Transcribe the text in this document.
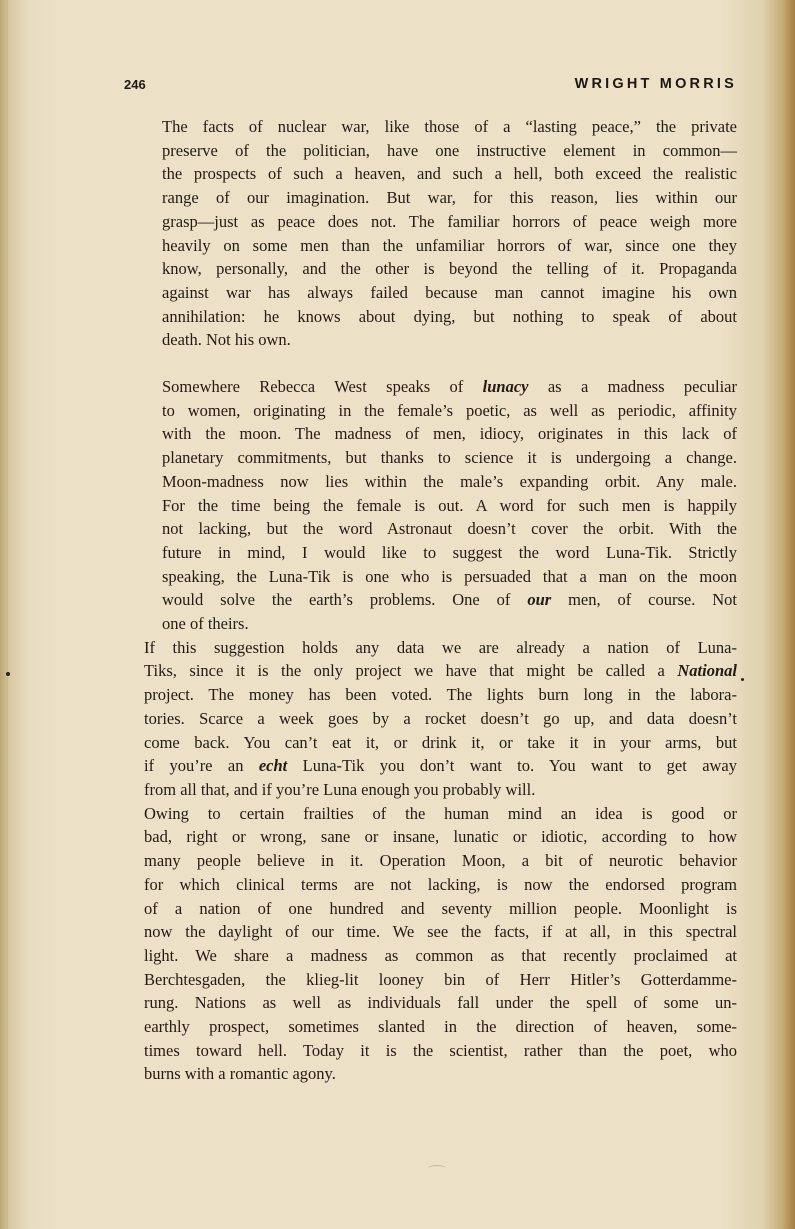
246	WRIGHT MORRIS

The facts of nuclear war, like those of a “lasting peace,” the private
preserve of the politician, have one instructive element in common—
the prospects of such a heaven, and such a hell, both exceed the realistic
range of our imagination. But war, for this reason, lies within our
grasp—just as peace does not. The familiar horrors of peace weigh more
heavily on some men than the unfamiliar horrors of war, since one they
know, personally, and the other is beyond the telling of it. Propaganda
against war has always failed because man cannot imagine his own
annihilation: he knows about dying, but nothing to speak of about
death. Not his own.

Somewhere Rebecca West speaks of lunacy as a madness peculiar
to women, originating in the female’s poetic, as well as periodic, affinity
with the moon. The madness of men, idiocy, originates in this lack of
planetary commitments, but thanks to science it is undergoing a change.
Moon-madness now lies within the male’s expanding orbit. Any male.
For the time being the female is out. A word for such men is happily
not lacking, but the word Astronaut doesn’t cover the orbit. With the
future in mind, I would like to suggest the word Luna-Tik. Strictly
speaking, the Luna-Tik is one who is persuaded that a man on the moon
would solve the earth’s problems. One of our men, of course. Not
one of theirs.

If this suggestion holds any data we are already a nation of Luna-
Tiks, since it is the only project we have that might be called a National
project. The money has been voted. The lights burn long in the labora-
tories. Scarce a week goes by a rocket doesn’t go up, and data doesn’t
come back. You can’t eat it, or drink it, or take it in your arms, but
if you’re an echt Luna-Tik you don’t want to. You want to get away
from all that, and if you’re Luna enough you probably will.

Owing to certain frailties of the human mind an idea is good or
bad, right or wrong, sane or insane, lunatic or idiotic, according to how
many people believe in it. Operation Moon, a bit of neurotic behavior
for which clinical terms are not lacking, is now the endorsed program
of a nation of one hundred and seventy million people. Moonlight is
now the daylight of our time. We see the facts, if at all, in this spectral
light. We share a madness as common as that recently proclaimed at
Berchtesgaden, the klieg-lit looney bin of Herr Hitler’s Gotterdamme-
rung. Nations as well as individuals fall under the spell of some un-
earthly prospect, sometimes slanted in the direction of heaven, some-
times toward hell. Today it is the scientist, rather than the poet, who
burns with a romantic agony.
